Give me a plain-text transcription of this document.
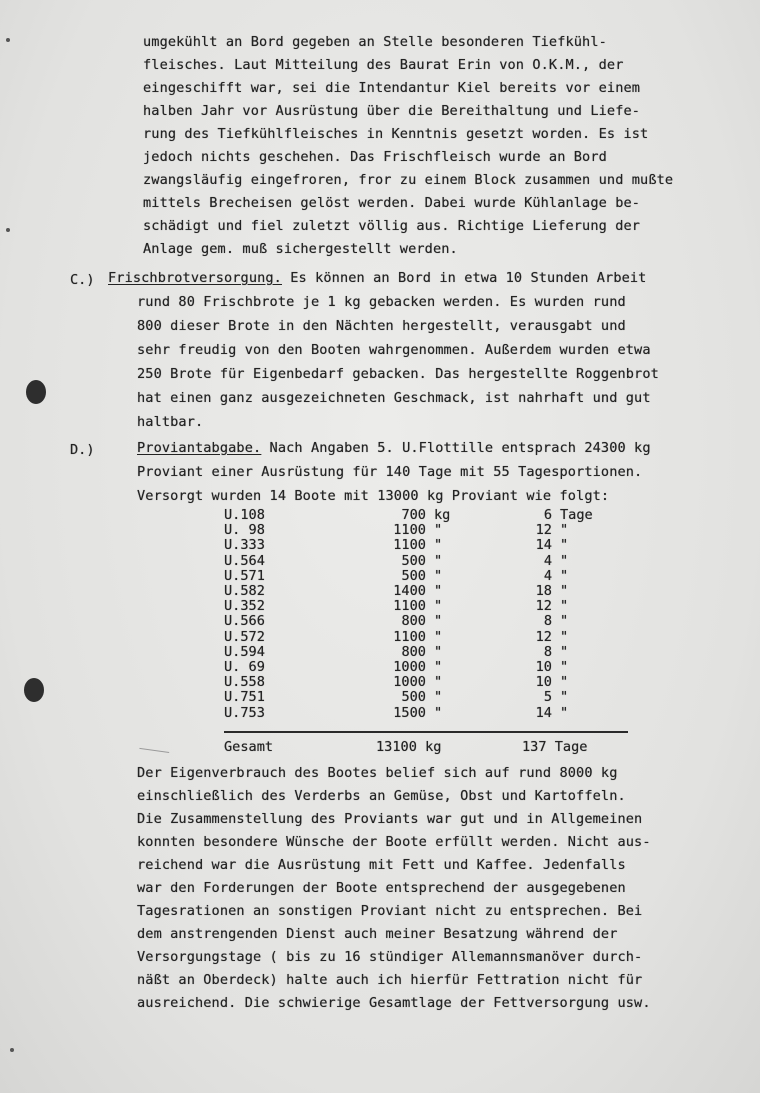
umgekühlt an Bord gegeben an Stelle besonderen Tiefkühl-
fleisches. Laut Mitteilung des Baurat Erin von O.K.M., der
eingeschifft war, sei die Intendantur Kiel bereits vor einem
halben Jahr vor Ausrüstung über die Bereithaltung und Liefe-
rung des Tiefkühlfleisches in Kenntnis gesetzt worden. Es ist
jedoch nichts geschehen. Das Frischfleisch wurde an Bord
zwangsläufig eingefroren, fror zu einem Block zusammen und mußte
mittels Brecheisen gelöst werden. Dabei wurde Kühlanlage be-
schädigt und fiel zuletzt völlig aus. Richtige Lieferung der
Anlage gem. muß sichergestellt werden.
C.) Frischbrotversorgung. Es können an Bord in etwa 10 Stunden Arbeit
rund 80 Frischbrote je 1 kg gebacken werden. Es wurden rund
800 dieser Brote in den Nächten hergestellt, verausgabt und
sehr freudig von den Booten wahrgenommen. Außerdem wurden etwa
250 Brote für Eigenbedarf gebacken. Das hergestellte Roggenbrot
hat einen ganz ausgezeichneten Geschmack, ist nahrhaft und gut
haltbar.
D.)	Proviantabgabe. Nach Angaben 5. U.Flottille entsprach 24300 kg
Proviant einer Ausrüstung für 140 Tage mit 55 Tagesportionen.
Versorgt wurden 14 Boote mit 13000 kg Proviant wie folgt:
U.108	700	kg	6	Tage
U. 98	1100	"	12	"
U.333	1100	"	14	"
U.564	500	"	4	"
U.571	500	"	4	"
U.582	1400	"	18	"
U.352	1100	"	12	"
U.566	800	"	8	"
U.572	1100	"	12	"
U.594	800	"	8	"
U. 69	1000	"	10	"
U.558	1000	"	10	"
U.751	500	"	5	"
U.753	1500	"	14	"
Gesamt	13100 kg	137 Tage
Der Eigenverbrauch des Bootes belief sich auf rund 8000 kg
einschließlich des Verderbs an Gemüse, Obst und Kartoffeln.
Die Zusammenstellung des Proviants war gut und in Allgemeinen
konnten besondere Wünsche der Boote erfüllt werden. Nicht aus-
reichend war die Ausrüstung mit Fett und Kaffee. Jedenfalls
war den Forderungen der Boote entsprechend der ausgegebenen
Tagesrationen an sonstigen Proviant nicht zu entsprechen. Bei
dem anstrengenden Dienst auch meiner Besatzung während der
Versorgungstage ( bis zu 16 stündiger Allemannsmanöver durch-
näßt an Oberdeck) halte auch ich hierfür Fettration nicht für
ausreichend. Die schwierige Gesamtlage der Fettversorgung usw.
